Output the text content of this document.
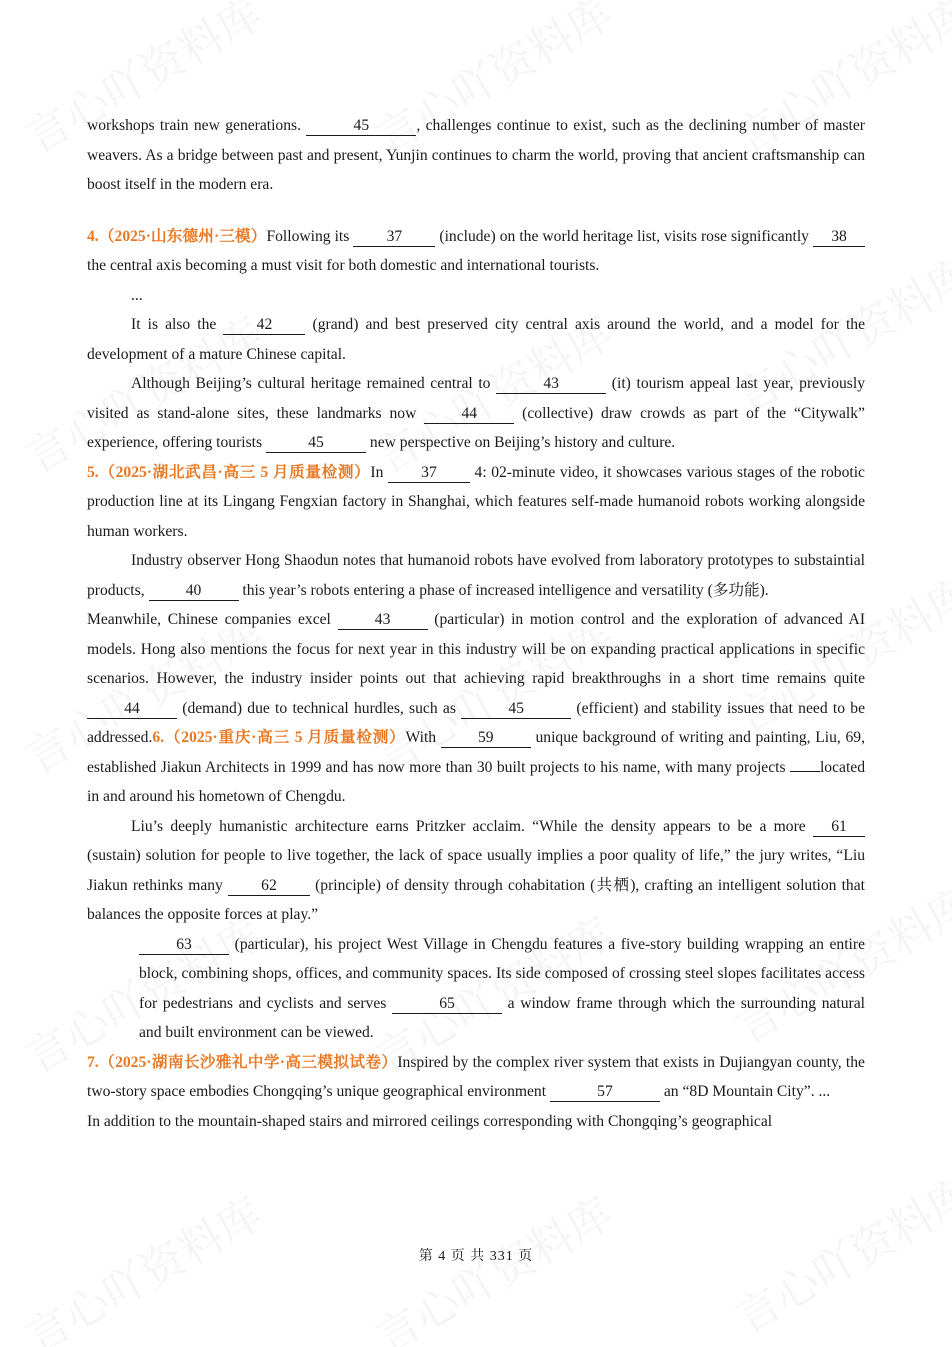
workshops train new generations.	45	, challenges continue to exist, such as the declining number of master weavers. As a bridge between past and present, Yunjin continues to charm the world, proving that ancient craftsmanship can boost itself in the modern era.

4.（2025·山东德州·三模）Following its 37 (include) on the world heritage list, visits rose significantly 38 the central axis becoming a must visit for both domestic and international tourists.

...

It is also the	42	(grand) and best preserved city central axis around the world, and a model for the development of a mature Chinese capital.

Although Beijing’s cultural heritage remained central to	43	(it) tourism appeal last year, previously visited as stand-alone sites, these landmarks now	44	(collective) draw crowds as part of the “Citywalk” experience, offering tourists	45	new perspective on Beijing’s history and culture.

5.（2025·湖北武昌·高三 5 月质量检测）In 37 4: 02-minute video, it showcases various stages of the robotic production line at its Lingang Fengxian factory in Shanghai, which features self-made humanoid robots working alongside human workers.

Industry observer Hong Shaodun notes that humanoid robots have evolved from laboratory prototypes to substaintial products,	40	this year’s robots entering a phase of increased intelligence and versatility (多功能).

Meanwhile, Chinese companies excel	43	(particular) in motion control and the exploration of advanced AI models. Hong also mentions the focus for next year in this industry will be on expanding practical applications in specific scenarios. However, the industry insider points out that achieving rapid breakthroughs in a short time remains quite 44	(demand) due to technical hurdles, such as	45	(efficient) and stability issues that need to be addressed.6.（2025·重庆·高三 5 月质量检测）With	59	unique background of writing and painting, Liu, 69, established Jiakun Architects in 1999 and has now more than 30 built projects to his name, with many projects located in and around his hometown of Chengdu.

Liu’s deeply humanistic architecture earns Pritzker acclaim. “While the density appears to be a more 61 (sustain) solution for people to live together, the lack of space usually implies a poor quality of life,” the jury writes, “Liu Jiakun rethinks many 62 (principle) of density through cohabitation (共栖), crafting an intelligent solution that balances the opposite forces at play.”

63	(particular), his project West Village in Chengdu features a five-story building wrapping an entire block, combining shops, offices, and community spaces. Its side composed of crossing steel slopes facilitates access for pedestrians and cyclists and serves	65	a window frame through which the surrounding natural and built environment can be viewed.

7.（2025·湖南长沙雅礼中学·高三模拟试卷）Inspired by the complex river system that exists in Dujiangyan county, the two-story space embodies Chongqing’s unique geographical environment	57	an “8D Mountain City”. ...

In addition to the mountain-shaped stairs and mirrored ceilings corresponding with Chongqing’s geographical

第 4 页 共 331 页
